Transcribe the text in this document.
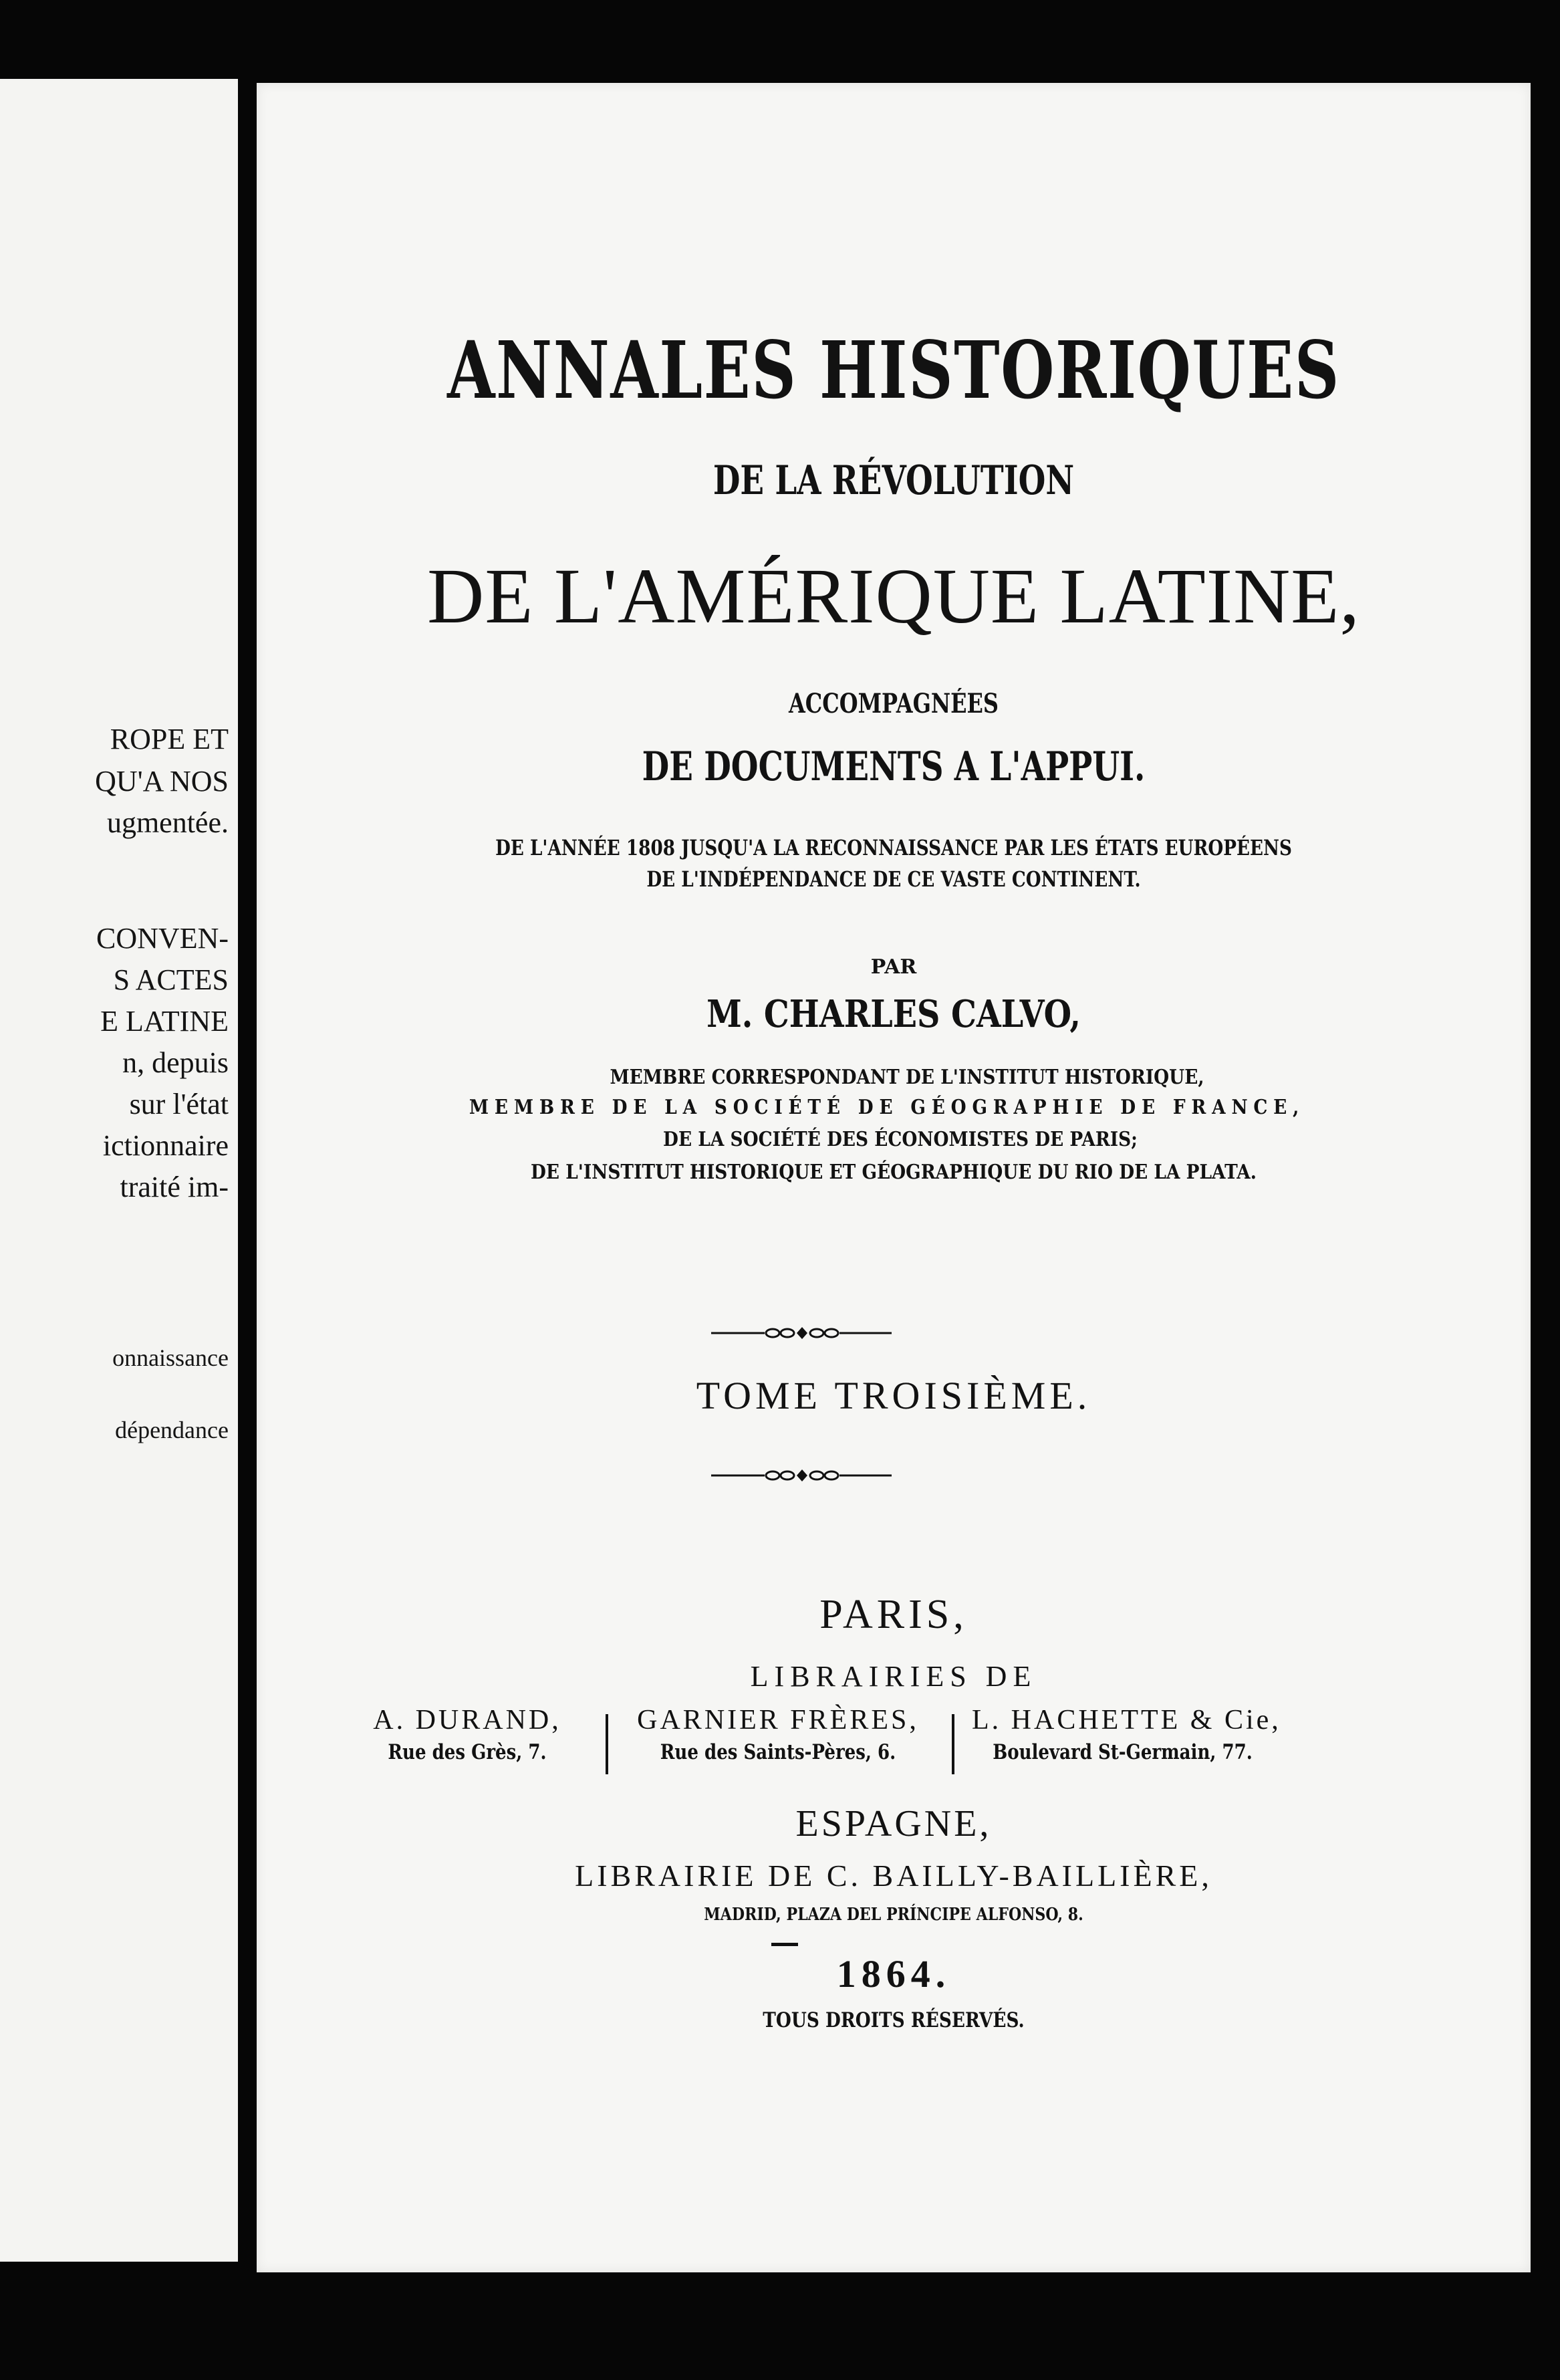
ROPE ET
QU'A NOS
ugmentée.
CONVEN-
S ACTES
E LATINE
n, depuis
sur l'état
ictionnaire
traité im-
onnaissance
dépendance
ANNALES HISTORIQUES
DE LA RÉVOLUTION
DE L'AMÉRIQUE LATINE,
ACCOMPAGNÉES
DE DOCUMENTS A L'APPUI.
DE L'ANNÉE 1808 JUSQU'A LA RECONNAISSANCE PAR LES ÉTATS EUROPÉENS
DE L'INDÉPENDANCE DE CE VASTE CONTINENT.
PAR
M. CHARLES CALVO,
MEMBRE CORRESPONDANT DE L'INSTITUT HISTORIQUE,
MEMBRE DE LA SOCIÉTÉ DE GÉOGRAPHIE DE FRANCE,
DE LA SOCIÉTÉ DES ÉCONOMISTES DE PARIS;
DE L'INSTITUT HISTORIQUE ET GÉOGRAPHIQUE DU RIO DE LA PLATA.
TOME TROISIÈME.
PARIS,
LIBRAIRIES DE
A. DURAND,
Rue des Grès, 7.
GARNIER FRÈRES,
Rue des Saints-Pères, 6.
L. HACHETTE & Cie,
Boulevard St-Germain, 77.
ESPAGNE,
LIBRAIRIE DE C. BAILLY-BAILLIÈRE,
MADRID, PLAZA DEL PRÍNCIPE ALFONSO, 8.
1864.
TOUS DROITS RÉSERVÉS.
